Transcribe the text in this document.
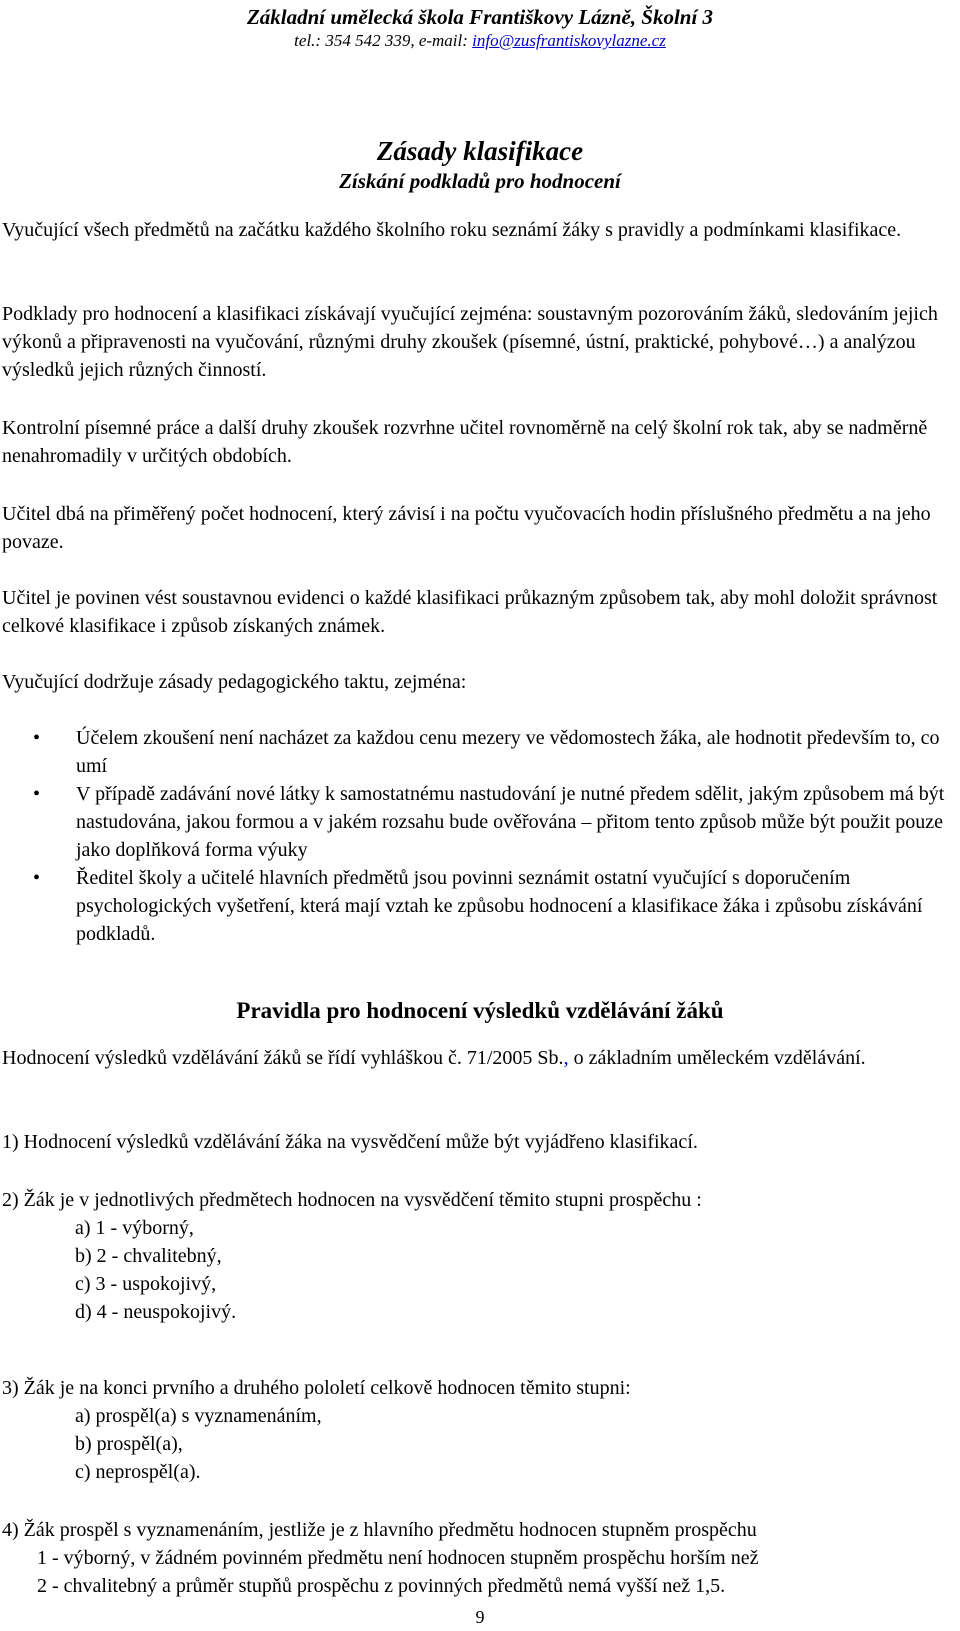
Základní umělecká škola Františkovy Lázně, Školní 3
tel.: 354 542 339, e-mail: info@zusfrantiskovylazne.cz
Zásady klasifikace
Získání podkladů pro hodnocení

Vyučující všech předmětů na začátku každého školního roku seznámí žáky s pravidly a podmínkami klasifikace.

Podklady pro hodnocení a klasifikaci získávají vyučující zejména: soustavným pozorováním žáků, sledováním jejich výkonů a připravenosti na vyučování, různými druhy zkoušek (písemné, ústní, praktické, pohybové…) a analýzou výsledků jejich různých činností.

Kontrolní písemné práce a další druhy zkoušek rozvrhne učitel rovnoměrně na celý školní rok tak, aby se nadměrně nenahromadily v určitých obdobích.

Učitel dbá na přiměřený počet hodnocení, který závisí i na počtu vyučovacích hodin příslušného předmětu a na jeho povaze.

Učitel je povinen vést soustavnou evidenci o každé klasifikaci průkazným způsobem tak, aby mohl doložit správnost celkové klasifikace i způsob získaných známek.

Vyučující dodržuje zásady pedagogického taktu, zejména:

• Účelem zkoušení není nacházet za každou cenu mezery ve vědomostech žáka, ale hodnotit především to, co umí
• V případě zadávání nové látky k samostatnému nastudování je nutné předem sdělit, jakým způsobem má být nastudována, jakou formou a v jakém rozsahu bude ověřována – přitom tento způsob může být použit pouze jako doplňková forma výuky
• Ředitel školy a učitelé hlavních předmětů jsou povinni seznámit ostatní vyučující s doporučením psychologických vyšetření, která mají vztah ke způsobu hodnocení a klasifikace žáka i způsobu získávání podkladů.
Pravidla pro hodnocení výsledků vzdělávání žáků

Hodnocení výsledků vzdělávání žáků se řídí vyhláškou č. 71/2005 Sb., o základním uměleckém vzdělávání.

1) Hodnocení výsledků vzdělávání žáka na vysvědčení může být vyjádřeno klasifikací.

2) Žák je v jednotlivých předmětech hodnocen na vysvědčení těmito stupni prospěchu :

a) 1 - výborný,
b) 2 - chvalitebný,
c) 3 - uspokojivý,
d) 4 - neuspokojivý.

3) Žák je na konci prvního a druhého pololetí celkově hodnocen těmito stupni:

a) prospěl(a) s vyznamenáním,
b) prospěl(a),
c) neprospěl(a).

4) Žák prospěl s vyznamenáním, jestliže je z hlavního předmětu hodnocen stupněm prospěchu

1 - výborný, v žádném povinném předmětu není hodnocen stupněm prospěchu horším než

2 - chvalitebný a průměr stupňů prospěchu z povinných předmětů nemá vyšší než 1,5.

9
